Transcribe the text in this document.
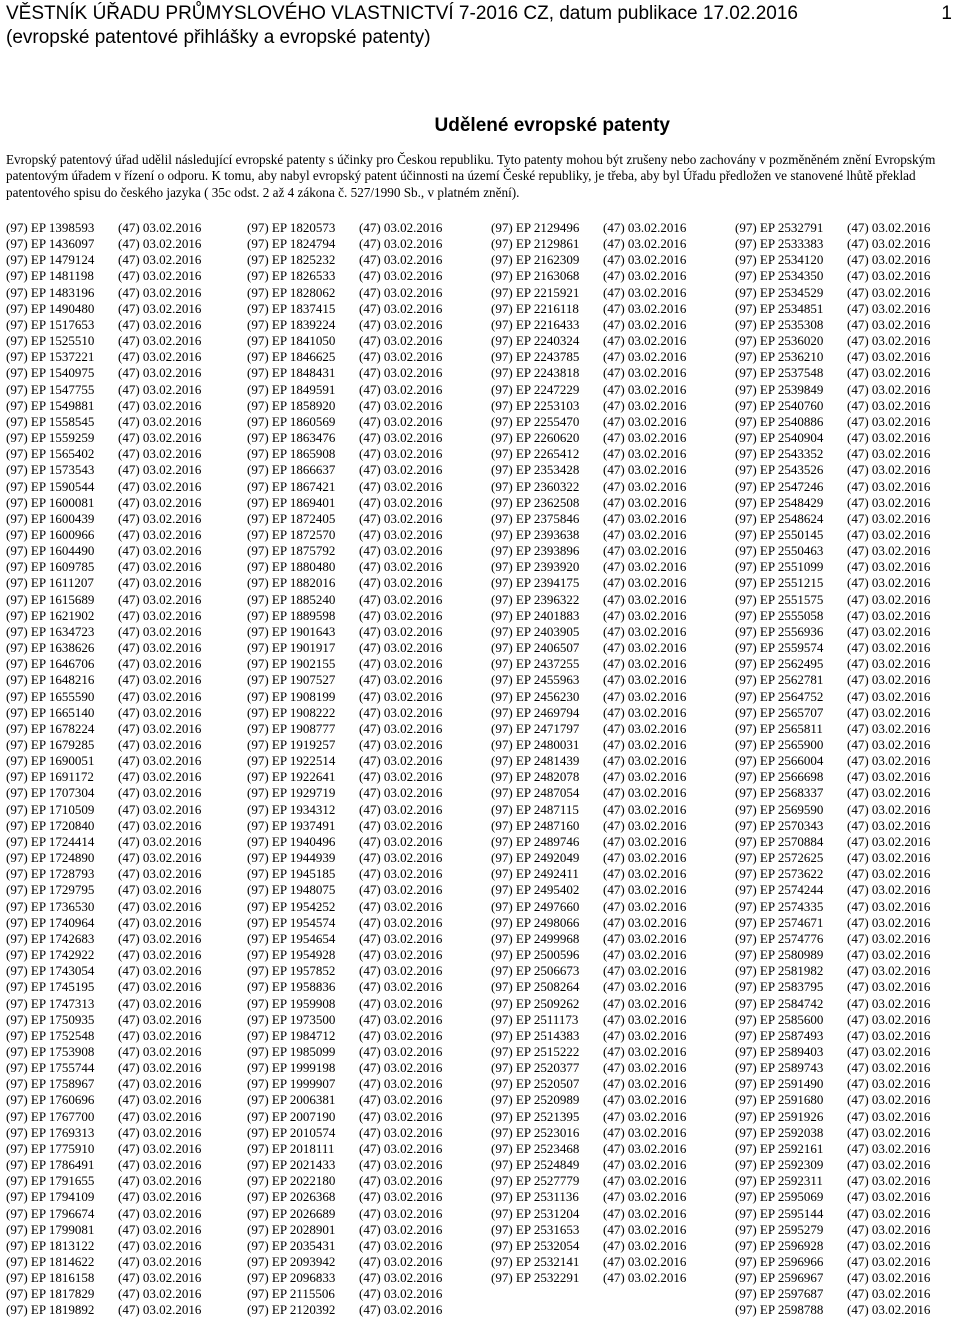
VĚSTNÍK ÚŘADU PRŮMYSLOVÉHO VLASTNICTVÍ 7-2016 CZ, datum publikace 17.02.2016
(evropské patentové přihlášky a evropské patenty)
1
Udělené evropské patenty
Evropský patentový úřad udělil následující evropské patenty s účinky pro Českou republiku. Tyto patenty mohou být zrušeny nebo zachovány v pozměněném znění Evropským patentovým úřadem v řízení o odporu. K tomu, aby nabyl evropský patent účinnosti na území České republiky, je třeba, aby byl Úřadu předložen ve stanovené lhůtě překlad patentového spisu do českého jazyka ( 35c odst. 2 až 4 zákona č. 527/1990 Sb., v platném znění).
(97) EP 1398593 (47) 03.02.2016
(97) EP 1436097 (47) 03.02.2016
(97) EP 1479124 (47) 03.02.2016
(97) EP 1481198 (47) 03.02.2016
(97) EP 1483196 (47) 03.02.2016
(97) EP 1490480 (47) 03.02.2016
(97) EP 1517653 (47) 03.02.2016
(97) EP 1525510 (47) 03.02.2016
(97) EP 1537221 (47) 03.02.2016
(97) EP 1540975 (47) 03.02.2016
(97) EP 1547755 (47) 03.02.2016
(97) EP 1549881 (47) 03.02.2016
(97) EP 1558545 (47) 03.02.2016
(97) EP 1559259 (47) 03.02.2016
(97) EP 1565402 (47) 03.02.2016
(97) EP 1573543 (47) 03.02.2016
(97) EP 1590544 (47) 03.02.2016
(97) EP 1600081 (47) 03.02.2016
(97) EP 1600439 (47) 03.02.2016
(97) EP 1600966 (47) 03.02.2016
(97) EP 1604490 (47) 03.02.2016
(97) EP 1609785 (47) 03.02.2016
(97) EP 1611207 (47) 03.02.2016
(97) EP 1615689 (47) 03.02.2016
(97) EP 1621902 (47) 03.02.2016
(97) EP 1634723 (47) 03.02.2016
(97) EP 1638626 (47) 03.02.2016
(97) EP 1646706 (47) 03.02.2016
(97) EP 1648216 (47) 03.02.2016
(97) EP 1655590 (47) 03.02.2016
(97) EP 1665140 (47) 03.02.2016
(97) EP 1678224 (47) 03.02.2016
(97) EP 1679285 (47) 03.02.2016
(97) EP 1690051 (47) 03.02.2016
(97) EP 1691172 (47) 03.02.2016
(97) EP 1707304 (47) 03.02.2016
(97) EP 1710509 (47) 03.02.2016
(97) EP 1720840 (47) 03.02.2016
(97) EP 1724414 (47) 03.02.2016
(97) EP 1724890 (47) 03.02.2016
(97) EP 1728793 (47) 03.02.2016
(97) EP 1729795 (47) 03.02.2016
(97) EP 1736530 (47) 03.02.2016
(97) EP 1740964 (47) 03.02.2016
(97) EP 1742683 (47) 03.02.2016
(97) EP 1742922 (47) 03.02.2016
(97) EP 1743054 (47) 03.02.2016
(97) EP 1745195 (47) 03.02.2016
(97) EP 1747313 (47) 03.02.2016
(97) EP 1750935 (47) 03.02.2016
(97) EP 1752548 (47) 03.02.2016
(97) EP 1753908 (47) 03.02.2016
(97) EP 1755744 (47) 03.02.2016
(97) EP 1758967 (47) 03.02.2016
(97) EP 1760696 (47) 03.02.2016
(97) EP 1767700 (47) 03.02.2016
(97) EP 1769313 (47) 03.02.2016
(97) EP 1775910 (47) 03.02.2016
(97) EP 1786491 (47) 03.02.2016
(97) EP 1791655 (47) 03.02.2016
(97) EP 1794109 (47) 03.02.2016
(97) EP 1796674 (47) 03.02.2016
(97) EP 1799081 (47) 03.02.2016
(97) EP 1813122 (47) 03.02.2016
(97) EP 1814622 (47) 03.02.2016
(97) EP 1816158 (47) 03.02.2016
(97) EP 1817829 (47) 03.02.2016
(97) EP 1819892 (47) 03.02.2016
(97) EP 1820573 (47) 03.02.2016
(97) EP 1824794 (47) 03.02.2016
(97) EP 1825232 (47) 03.02.2016
(97) EP 1826533 (47) 03.02.2016
(97) EP 1828062 (47) 03.02.2016
(97) EP 1837415 (47) 03.02.2016
(97) EP 1839224 (47) 03.02.2016
(97) EP 1841050 (47) 03.02.2016
(97) EP 1846625 (47) 03.02.2016
(97) EP 1848431 (47) 03.02.2016
(97) EP 1849591 (47) 03.02.2016
(97) EP 1858920 (47) 03.02.2016
(97) EP 1860569 (47) 03.02.2016
(97) EP 1863476 (47) 03.02.2016
(97) EP 1865908 (47) 03.02.2016
(97) EP 1866637 (47) 03.02.2016
(97) EP 1867421 (47) 03.02.2016
(97) EP 1869401 (47) 03.02.2016
(97) EP 1872405 (47) 03.02.2016
(97) EP 1872570 (47) 03.02.2016
(97) EP 1875792 (47) 03.02.2016
(97) EP 1880480 (47) 03.02.2016
(97) EP 1882016 (47) 03.02.2016
(97) EP 1885240 (47) 03.02.2016
(97) EP 1889598 (47) 03.02.2016
(97) EP 1901643 (47) 03.02.2016
(97) EP 1901917 (47) 03.02.2016
(97) EP 1902155 (47) 03.02.2016
(97) EP 1907527 (47) 03.02.2016
(97) EP 1908199 (47) 03.02.2016
(97) EP 1908222 (47) 03.02.2016
(97) EP 1908777 (47) 03.02.2016
(97) EP 1919257 (47) 03.02.2016
(97) EP 1922514 (47) 03.02.2016
(97) EP 1922641 (47) 03.02.2016
(97) EP 1929719 (47) 03.02.2016
(97) EP 1934312 (47) 03.02.2016
(97) EP 1937491 (47) 03.02.2016
(97) EP 1940496 (47) 03.02.2016
(97) EP 1944939 (47) 03.02.2016
(97) EP 1945185 (47) 03.02.2016
(97) EP 1948075 (47) 03.02.2016
(97) EP 1954252 (47) 03.02.2016
(97) EP 1954574 (47) 03.02.2016
(97) EP 1954654 (47) 03.02.2016
(97) EP 1954928 (47) 03.02.2016
(97) EP 1957852 (47) 03.02.2016
(97) EP 1958836 (47) 03.02.2016
(97) EP 1959908 (47) 03.02.2016
(97) EP 1973500 (47) 03.02.2016
(97) EP 1984712 (47) 03.02.2016
(97) EP 1985099 (47) 03.02.2016
(97) EP 1999198 (47) 03.02.2016
(97) EP 1999907 (47) 03.02.2016
(97) EP 2006381 (47) 03.02.2016
(97) EP 2007190 (47) 03.02.2016
(97) EP 2010574 (47) 03.02.2016
(97) EP 2018111 (47) 03.02.2016
(97) EP 2021433 (47) 03.02.2016
(97) EP 2022180 (47) 03.02.2016
(97) EP 2026368 (47) 03.02.2016
(97) EP 2026689 (47) 03.02.2016
(97) EP 2028901 (47) 03.02.2016
(97) EP 2035431 (47) 03.02.2016
(97) EP 2093942 (47) 03.02.2016
(97) EP 2096833 (47) 03.02.2016
(97) EP 2115506 (47) 03.02.2016
(97) EP 2120392 (47) 03.02.2016
(97) EP 2129496 (47) 03.02.2016
(97) EP 2129861 (47) 03.02.2016
(97) EP 2162309 (47) 03.02.2016
(97) EP 2163068 (47) 03.02.2016
(97) EP 2215921 (47) 03.02.2016
(97) EP 2216118 (47) 03.02.2016
(97) EP 2216433 (47) 03.02.2016
(97) EP 2240324 (47) 03.02.2016
(97) EP 2243785 (47) 03.02.2016
(97) EP 2243818 (47) 03.02.2016
(97) EP 2247229 (47) 03.02.2016
(97) EP 2253103 (47) 03.02.2016
(97) EP 2255470 (47) 03.02.2016
(97) EP 2260620 (47) 03.02.2016
(97) EP 2265412 (47) 03.02.2016
(97) EP 2353428 (47) 03.02.2016
(97) EP 2360322 (47) 03.02.2016
(97) EP 2362508 (47) 03.02.2016
(97) EP 2375846 (47) 03.02.2016
(97) EP 2393638 (47) 03.02.2016
(97) EP 2393896 (47) 03.02.2016
(97) EP 2393920 (47) 03.02.2016
(97) EP 2394175 (47) 03.02.2016
(97) EP 2396322 (47) 03.02.2016
(97) EP 2401883 (47) 03.02.2016
(97) EP 2403905 (47) 03.02.2016
(97) EP 2406507 (47) 03.02.2016
(97) EP 2437255 (47) 03.02.2016
(97) EP 2455963 (47) 03.02.2016
(97) EP 2456230 (47) 03.02.2016
(97) EP 2469794 (47) 03.02.2016
(97) EP 2471797 (47) 03.02.2016
(97) EP 2480031 (47) 03.02.2016
(97) EP 2481439 (47) 03.02.2016
(97) EP 2482078 (47) 03.02.2016
(97) EP 2487054 (47) 03.02.2016
(97) EP 2487115 (47) 03.02.2016
(97) EP 2487160 (47) 03.02.2016
(97) EP 2489746 (47) 03.02.2016
(97) EP 2492049 (47) 03.02.2016
(97) EP 2492411 (47) 03.02.2016
(97) EP 2495402 (47) 03.02.2016
(97) EP 2497660 (47) 03.02.2016
(97) EP 2498066 (47) 03.02.2016
(97) EP 2499968 (47) 03.02.2016
(97) EP 2500596 (47) 03.02.2016
(97) EP 2506673 (47) 03.02.2016
(97) EP 2508264 (47) 03.02.2016
(97) EP 2509262 (47) 03.02.2016
(97) EP 2511173 (47) 03.02.2016
(97) EP 2514383 (47) 03.02.2016
(97) EP 2515222 (47) 03.02.2016
(97) EP 2520377 (47) 03.02.2016
(97) EP 2520507 (47) 03.02.2016
(97) EP 2520989 (47) 03.02.2016
(97) EP 2521395 (47) 03.02.2016
(97) EP 2523016 (47) 03.02.2016
(97) EP 2523468 (47) 03.02.2016
(97) EP 2524849 (47) 03.02.2016
(97) EP 2527779 (47) 03.02.2016
(97) EP 2531136 (47) 03.02.2016
(97) EP 2531204 (47) 03.02.2016
(97) EP 2531653 (47) 03.02.2016
(97) EP 2532054 (47) 03.02.2016
(97) EP 2532141 (47) 03.02.2016
(97) EP 2532291 (47) 03.02.2016
(97) EP 2532791 (47) 03.02.2016
(97) EP 2533383 (47) 03.02.2016
(97) EP 2534120 (47) 03.02.2016
(97) EP 2534350 (47) 03.02.2016
(97) EP 2534529 (47) 03.02.2016
(97) EP 2534851 (47) 03.02.2016
(97) EP 2535308 (47) 03.02.2016
(97) EP 2536020 (47) 03.02.2016
(97) EP 2536210 (47) 03.02.2016
(97) EP 2537548 (47) 03.02.2016
(97) EP 2539849 (47) 03.02.2016
(97) EP 2540760 (47) 03.02.2016
(97) EP 2540886 (47) 03.02.2016
(97) EP 2540904 (47) 03.02.2016
(97) EP 2543352 (47) 03.02.2016
(97) EP 2543526 (47) 03.02.2016
(97) EP 2547246 (47) 03.02.2016
(97) EP 2548429 (47) 03.02.2016
(97) EP 2548624 (47) 03.02.2016
(97) EP 2550145 (47) 03.02.2016
(97) EP 2550463 (47) 03.02.2016
(97) EP 2551099 (47) 03.02.2016
(97) EP 2551215 (47) 03.02.2016
(97) EP 2551575 (47) 03.02.2016
(97) EP 2555058 (47) 03.02.2016
(97) EP 2556936 (47) 03.02.2016
(97) EP 2559574 (47) 03.02.2016
(97) EP 2562495 (47) 03.02.2016
(97) EP 2562781 (47) 03.02.2016
(97) EP 2564752 (47) 03.02.2016
(97) EP 2565707 (47) 03.02.2016
(97) EP 2565811 (47) 03.02.2016
(97) EP 2565900 (47) 03.02.2016
(97) EP 2566004 (47) 03.02.2016
(97) EP 2566698 (47) 03.02.2016
(97) EP 2568337 (47) 03.02.2016
(97) EP 2569590 (47) 03.02.2016
(97) EP 2570343 (47) 03.02.2016
(97) EP 2570884 (47) 03.02.2016
(97) EP 2572625 (47) 03.02.2016
(97) EP 2573622 (47) 03.02.2016
(97) EP 2574244 (47) 03.02.2016
(97) EP 2574335 (47) 03.02.2016
(97) EP 2574671 (47) 03.02.2016
(97) EP 2574776 (47) 03.02.2016
(97) EP 2580989 (47) 03.02.2016
(97) EP 2581982 (47) 03.02.2016
(97) EP 2583795 (47) 03.02.2016
(97) EP 2584742 (47) 03.02.2016
(97) EP 2585600 (47) 03.02.2016
(97) EP 2587493 (47) 03.02.2016
(97) EP 2589403 (47) 03.02.2016
(97) EP 2589743 (47) 03.02.2016
(97) EP 2591490 (47) 03.02.2016
(97) EP 2591680 (47) 03.02.2016
(97) EP 2591926 (47) 03.02.2016
(97) EP 2592038 (47) 03.02.2016
(97) EP 2592161 (47) 03.02.2016
(97) EP 2592309 (47) 03.02.2016
(97) EP 2592311 (47) 03.02.2016
(97) EP 2595069 (47) 03.02.2016
(97) EP 2595144 (47) 03.02.2016
(97) EP 2595279 (47) 03.02.2016
(97) EP 2596928 (47) 03.02.2016
(97) EP 2596966 (47) 03.02.2016
(97) EP 2596967 (47) 03.02.2016
(97) EP 2597687 (47) 03.02.2016
(97) EP 2598788 (47) 03.02.2016
